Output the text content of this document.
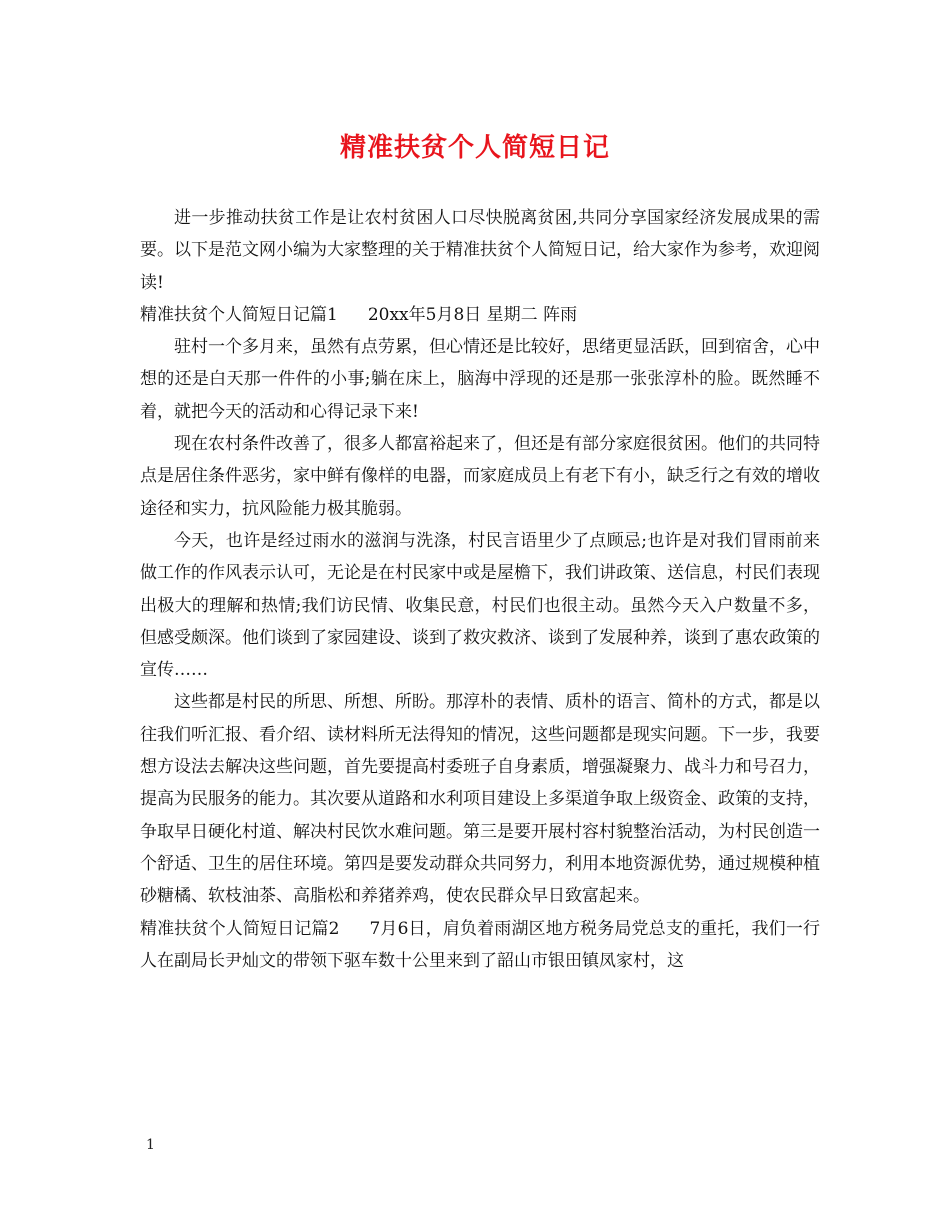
精准扶贫个人简短日记

进一步推动扶贫工作是让农村贫困人口尽快脱离贫困,共同分享国家经济发展成果的需要。以下是范文网小编为大家整理的关于精准扶贫个人简短日记，给大家作为参考，欢迎阅读!

精准扶贫个人简短日记篇1 20xx年5月8日 星期二 阵雨

驻村一个多月来，虽然有点劳累，但心情还是比较好，思绪更显活跃，回到宿舍，心中想的还是白天那一件件的小事;躺在床上，脑海中浮现的还是那一张张淳朴的脸。既然睡不着，就把今天的活动和心得记录下来!

现在农村条件改善了，很多人都富裕起来了，但还是有部分家庭很贫困。他们的共同特点是居住条件恶劣，家中鲜有像样的电器，而家庭成员上有老下有小，缺乏行之有效的增收途径和实力，抗风险能力极其脆弱。

今天，也许是经过雨水的滋润与洗涤，村民言语里少了点顾忌;也许是对我们冒雨前来做工作的作风表示认可，无论是在村民家中或是屋檐下，我们讲政策、送信息，村民们表现出极大的理解和热情;我们访民情、收集民意，村民们也很主动。虽然今天入户数量不多，但感受颇深。他们谈到了家园建设、谈到了救灾救济、谈到了发展种养，谈到了惠农政策的宣传……

这些都是村民的所思、所想、所盼。那淳朴的表情、质朴的语言、简朴的方式，都是以往我们听汇报、看介绍、读材料所无法得知的情况，这些问题都是现实问题。下一步，我要想方设法去解决这些问题，首先要提高村委班子自身素质，增强凝聚力、战斗力和号召力，提高为民服务的能力。其次要从道路和水利项目建设上多渠道争取上级资金、政策的支持，争取早日硬化村道、解决村民饮水难问题。第三是要开展村容村貌整治活动，为村民创造一个舒适、卫生的居住环境。第四是要发动群众共同努力，利用本地资源优势，通过规模种植砂糖橘、软枝油茶、高脂松和养猪养鸡，使农民群众早日致富起来。

精准扶贫个人简短日记篇2 7月6日，肩负着雨湖区地方税务局党总支的重托，我们一行人在副局长尹灿文的带领下驱车数十公里来到了韶山市银田镇凤家村，这

1
